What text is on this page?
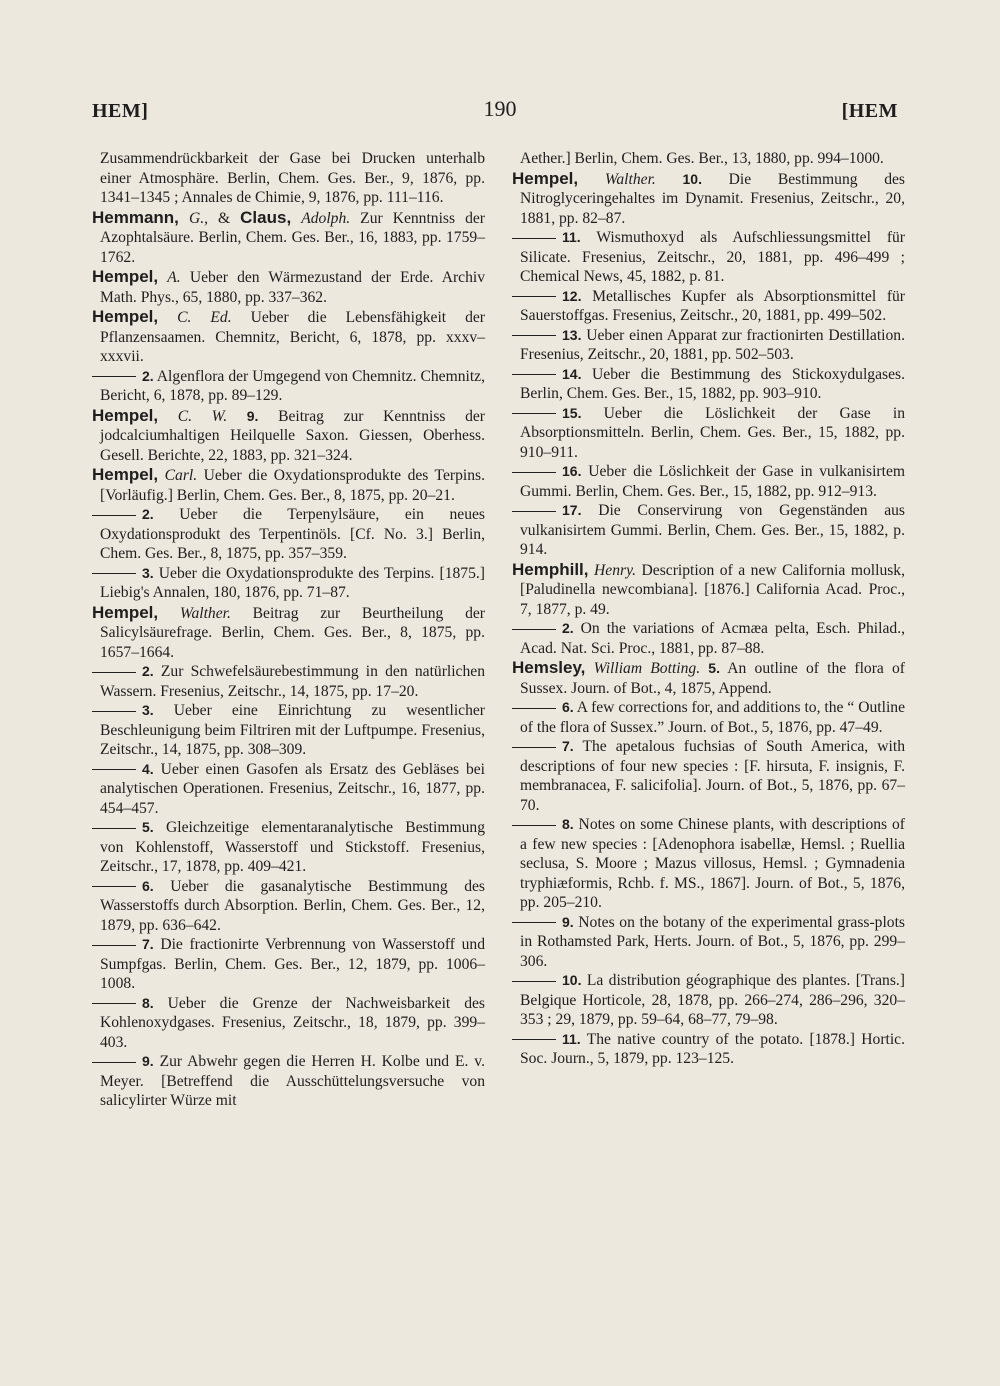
HEM]	190	[HEM

Zusammendrückbarkeit der Gase bei Drucken unterhalb einer Atmosphäre. Berlin, Chem. Ges. Ber., 9, 1876, pp. 1341–1345 ; Annales de Chimie, 9, 1876, pp. 111–116.

Hemmann, G., & Claus, Adolph. Zur Kenntniss der Azophtalsäure. Berlin, Chem. Ges. Ber., 16, 1883, pp. 1759–1762.

Hempel, A. Ueber den Wärmezustand der Erde. Archiv Math. Phys., 65, 1880, pp. 337–362.

Hempel, C. Ed. Ueber die Lebensfähigkeit der Pflanzensaamen. Chemnitz, Bericht, 6, 1878, pp. xxxv–xxxvii.

2. Algenflora der Umgegend von Chemnitz. Chemnitz, Bericht, 6, 1878, pp. 89–129.

Hempel, C. W. 9. Beitrag zur Kenntniss der jodcalciumhaltigen Heilquelle Saxon. Giessen, Oberhess. Gesell. Berichte, 22, 1883, pp. 321–324.

Hempel, Carl. Ueber die Oxydationsprodukte des Terpins. [Vorläufig.] Berlin, Chem. Ges. Ber., 8, 1875, pp. 20–21.

2. Ueber die Terpenylsäure, ein neues Oxydationsprodukt des Terpentinöls. [Cf. No. 3.] Berlin, Chem. Ges. Ber., 8, 1875, pp. 357–359.

3. Ueber die Oxydationsprodukte des Terpins. [1875.] Liebig's Annalen, 180, 1876, pp. 71–87.

Hempel, Walther. Beitrag zur Beurtheilung der Salicylsäurefrage. Berlin, Chem. Ges. Ber., 8, 1875, pp. 1657–1664.

2. Zur Schwefelsäurebestimmung in den natürlichen Wassern. Fresenius, Zeitschr., 14, 1875, pp. 17–20.

3. Ueber eine Einrichtung zu wesentlicher Beschleunigung beim Filtriren mit der Luftpumpe. Fresenius, Zeitschr., 14, 1875, pp. 308–309.

4. Ueber einen Gasofen als Ersatz des Gebläses bei analytischen Operationen. Fresenius, Zeitschr., 16, 1877, pp. 454–457.

5. Gleichzeitige elementaranalytische Bestimmung von Kohlenstoff, Wasserstoff und Stickstoff. Fresenius, Zeitschr., 17, 1878, pp. 409–421.

6. Ueber die gasanalytische Bestimmung des Wasserstoffs durch Absorption. Berlin, Chem. Ges. Ber., 12, 1879, pp. 636–642.

7. Die fractionirte Verbrennung von Wasserstoff und Sumpfgas. Berlin, Chem. Ges. Ber., 12, 1879, pp. 1006–1008.

8. Ueber die Grenze der Nachweisbarkeit des Kohlenoxydgases. Fresenius, Zeitschr., 18, 1879, pp. 399–403.

9. Zur Abwehr gegen die Herren H. Kolbe und E. v. Meyer. [Betreffend die Ausschüttelungsversuche von salicylirter Würze mit

Aether.] Berlin, Chem. Ges. Ber., 13, 1880, pp. 994–1000.

Hempel, Walther. 10. Die Bestimmung des Nitroglyceringehaltes im Dynamit. Fresenius, Zeitschr., 20, 1881, pp. 82–87.

11. Wismuthoxyd als Aufschliessungsmittel für Silicate. Fresenius, Zeitschr., 20, 1881, pp. 496–499 ; Chemical News, 45, 1882, p. 81.

12. Metallisches Kupfer als Absorptionsmittel für Sauerstoffgas. Fresenius, Zeitschr., 20, 1881, pp. 499–502.

13. Ueber einen Apparat zur fractionirten Destillation. Fresenius, Zeitschr., 20, 1881, pp. 502–503.

14. Ueber die Bestimmung des Stickoxydulgases. Berlin, Chem. Ges. Ber., 15, 1882, pp. 903–910.

15. Ueber die Löslichkeit der Gase in Absorptionsmitteln. Berlin, Chem. Ges. Ber., 15, 1882, pp. 910–911.

16. Ueber die Löslichkeit der Gase in vulkanisirtem Gummi. Berlin, Chem. Ges. Ber., 15, 1882, pp. 912–913.

17. Die Conservirung von Gegenständen aus vulkanisirtem Gummi. Berlin, Chem. Ges. Ber., 15, 1882, p. 914.

Hemphill, Henry. Description of a new California mollusk, [Paludinella newcombiana]. [1876.] California Acad. Proc., 7, 1877, p. 49.

2. On the variations of Acmæa pelta, Esch. Philad., Acad. Nat. Sci. Proc., 1881, pp. 87–88.

Hemsley, William Botting. 5. An outline of the flora of Sussex. Journ. of Bot., 4, 1875, Append.

6. A few corrections for, and additions to, the “ Outline of the flora of Sussex.” Journ. of Bot., 5, 1876, pp. 47–49.

7. The apetalous fuchsias of South America, with descriptions of four new species : [F. hirsuta, F. insignis, F. membranacea, F. salicifolia]. Journ. of Bot., 5, 1876, pp. 67–70.

8. Notes on some Chinese plants, with descriptions of a few new species : [Adenophora isabellæ, Hemsl. ; Ruellia seclusa, S. Moore ; Mazus villosus, Hemsl. ; Gymnadenia tryphiæformis, Rchb. f. MS., 1867]. Journ. of Bot., 5, 1876, pp. 205–210.

9. Notes on the botany of the experimental grass-plots in Rothamsted Park, Herts. Journ. of Bot., 5, 1876, pp. 299–306.

10. La distribution géographique des plantes. [Trans.] Belgique Horticole, 28, 1878, pp. 266–274, 286–296, 320–353 ; 29, 1879, pp. 59–64, 68–77, 79–98.

11. The native country of the potato. [1878.] Hortic. Soc. Journ., 5, 1879, pp. 123–125.
